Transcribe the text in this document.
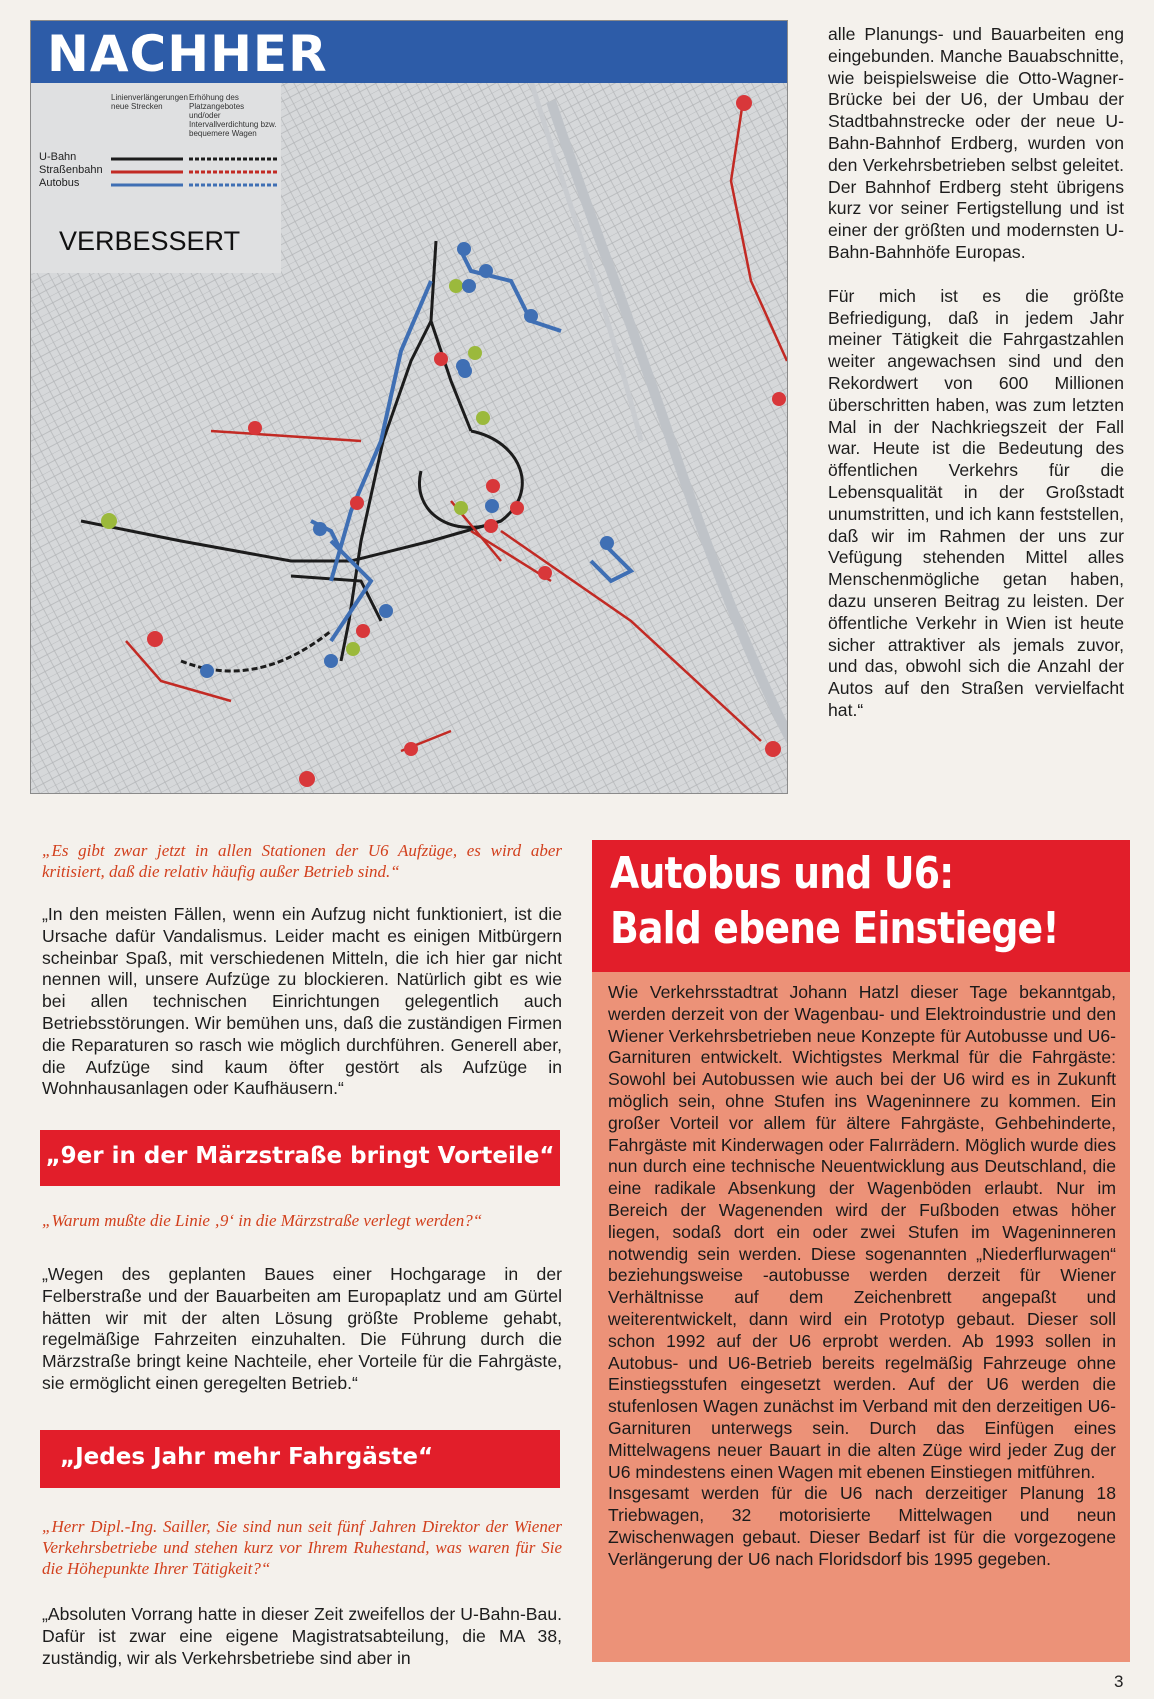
NACHHER
Linienverlängerungen neue Strecken
Erhöhung des Platzangebotes und/oder Intervallverdichtung bzw. bequemere Wagen
U-Bahn
Straßenbahn
Autobus
VERBESSERT

alle Planungs- und Bauarbeiten eng eingebunden. Manche Bauabschnitte, wie beispielsweise die Otto-Wagner-Brücke bei der U6, der Umbau der Stadtbahnstrecke oder der neue U-Bahn-Bahnhof Erdberg, wurden von den Verkehrsbetrieben selbst geleitet. Der Bahnhof Erdberg steht übrigens kurz vor seiner Fertigstellung und ist einer der größten und modernsten U-Bahn-Bahnhöfe Europas.

Für mich ist es die größte Befriedigung, daß in jedem Jahr meiner Tätigkeit die Fahrgastzahlen weiter angewachsen sind und den Rekordwert von 600 Millionen überschritten haben, was zum letzten Mal in der Nachkriegszeit der Fall war. Heute ist die Bedeutung des öffentlichen Verkehrs für die Lebensqualität in der Großstadt unumstritten, und ich kann feststellen, daß wir im Rahmen der uns zur Vefügung stehenden Mittel alles Menschenmögliche getan haben, dazu unseren Beitrag zu leisten. Der öffentliche Verkehr in Wien ist heute sicher attraktiver als jemals zuvor, und das, obwohl sich die Anzahl der Autos auf den Straßen vervielfacht hat.“

„Es gibt zwar jetzt in allen Stationen der U6 Aufzüge, es wird aber kritisiert, daß die relativ häufig außer Betrieb sind.“
„In den meisten Fällen, wenn ein Aufzug nicht funktioniert, ist die Ursache dafür Vandalismus. Leider macht es einigen Mitbürgern scheinbar Spaß, mit verschiedenen Mitteln, die ich hier gar nicht nennen will, unsere Aufzüge zu blockieren. Natürlich gibt es wie bei allen technischen Einrichtungen gelegentlich auch Betriebsstörungen. Wir bemühen uns, daß die zuständigen Firmen die Reparaturen so rasch wie möglich durchführen. Generell aber, die Aufzüge sind kaum öfter gestört als Aufzüge in Wohnhausanlagen oder Kaufhäusern.“
„9er in der Märzstraße bringt Vorteile“
„Warum mußte die Linie ‚9‘ in die Märzstraße verlegt werden?“
„Wegen des geplanten Baues einer Hochgarage in der Felberstraße und der Bauarbeiten am Europaplatz und am Gürtel hätten wir mit der alten Lösung größte Probleme gehabt, regelmäßige Fahrzeiten einzuhalten. Die Führung durch die Märzstraße bringt keine Nachteile, eher Vorteile für die Fahrgäste, sie ermöglicht einen geregelten Betrieb.“
„Jedes Jahr mehr Fahrgäste“
„Herr Dipl.-Ing. Sailler, Sie sind nun seit fünf Jahren Direktor der Wiener Verkehrsbetriebe und stehen kurz vor Ihrem Ruhestand, was waren für Sie die Höhepunkte Ihrer Tätigkeit?“
„Absoluten Vorrang hatte in dieser Zeit zweifellos der U-Bahn-Bau. Dafür ist zwar eine eigene Magistratsabteilung, die MA 38, zuständig, wir als Verkehrsbetriebe sind aber in
Autobus und U6:
Bald ebene Einstiege!
Wie Verkehrsstadtrat Johann Hatzl dieser Tage bekanntgab, werden derzeit von der Wagenbau- und Elektroindustrie und den Wiener Verkehrsbetrieben neue Konzepte für Autobusse und U6-Garnituren entwickelt. Wichtigstes Merkmal für die Fahrgäste: Sowohl bei Autobussen wie auch bei der U6 wird es in Zukunft möglich sein, ohne Stufen ins Wageninnere zu kommen. Ein großer Vorteil vor allem für ältere Fahrgäste, Gehbehinderte, Fahrgäste mit Kinderwagen oder Falırrädern. Möglich wurde dies nun durch eine technische Neuentwicklung aus Deutschland, die eine radikale Absenkung der Wagenböden erlaubt. Nur im Bereich der Wagenenden wird der Fußboden etwas höher liegen, sodaß dort ein oder zwei Stufen im Wageninneren notwendig sein werden. Diese sogenannten „Niederflurwagen“ beziehungsweise -autobusse werden derzeit für Wiener Verhältnisse auf dem Zeichenbrett angepaßt und weiterentwickelt, dann wird ein Prototyp gebaut. Dieser soll schon 1992 auf der U6 erprobt werden. Ab 1993 sollen in Autobus- und U6-Betrieb bereits regelmäßig Fahrzeuge ohne Einstiegsstufen eingesetzt werden. Auf der U6 werden die stufenlosen Wagen zunächst im Verband mit den derzeitigen U6-Garnituren unterwegs sein. Durch das Einfügen eines Mittelwagens neuer Bauart in die alten Züge wird jeder Zug der U6 mindestens einen Wagen mit ebenen Einstiegen mitführen.
Insgesamt werden für die U6 nach derzeitiger Planung 18 Triebwagen, 32 motorisierte Mittelwagen und neun Zwischenwagen gebaut. Dieser Bedarf ist für die vorgezogene Verlängerung der U6 nach Floridsdorf bis 1995 gegeben.
3
